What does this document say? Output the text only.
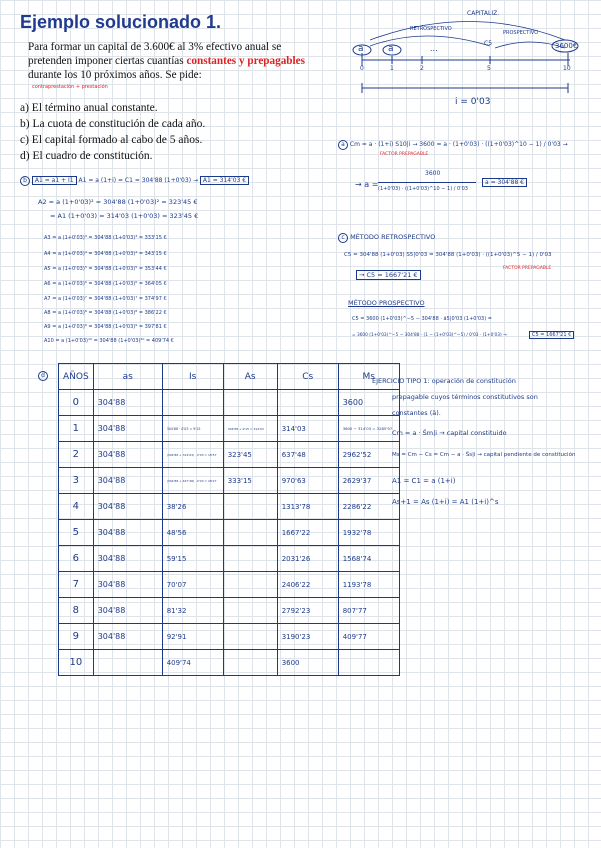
Ejemplo solucionado 1.
Para formar un capital de 3.600€ al 3% efectivo anual se pretenden imponer ciertas cuantías constantes y prepagables durante los 10 próximos años. Se pide:
contraprestación + prestación
a) El término anual constante.
b) La cuota de constitución de cada año.
c) El capital formado al cabo de 5 años.
d) El cuadro de constitución.
CAPITALIZ.
RETROSPECTIVO
PROSPECTIVO
a	a	...
C5	3600€
0	1	2	5	10
i = 0'03
a Cm = a · (1+i) S10|i → 3600 = a · (1+0'03) · ((1+0'03)^10 − 1) / 0'03 →
FACTOR PREPAGABLE
→ a =
3600
(1+0'03) · ((1+0'03)^10 − 1) / 0'03
a = 304'88 €
b A1 = a1 + I1 A1 = a (1+i) = C1 = 304'88 (1+0'03) → A1 = 314'03 €
A2 = a (1+0'03)² = 304'88 (1+0'03)² = 323'45 €
= A1 (1+0'03) = 314'03 (1+0'03) = 323'45 €
A3 = a (1+0'03)³ = 304'88 (1+0'03)³ = 333'15 €
A4 = a (1+0'03)⁴ = 304'88 (1+0'03)⁴ = 343'15 €
A5 = a (1+0'03)⁵ = 304'88 (1+0'03)⁵ = 353'44 €
A6 = a (1+0'03)⁶ = 304'88 (1+0'03)⁶ = 364'05 €
A7 = a (1+0'03)⁷ = 304'88 (1+0'03)⁷ = 374'97 €
A8 = a (1+0'03)⁸ = 304'88 (1+0'03)⁸ = 386'22 €
A9 = a (1+0'03)⁹ = 304'88 (1+0'03)⁹ = 397'81 €
A10 = a (1+0'03)¹⁰ = 304'88 (1+0'03)¹⁰ = 409'74 €
c MÉTODO RETROSPECTIVO
C5 = 304'88 (1+0'03) S5|0'03 = 304'88 (1+0'03) · ((1+0'03)^5 − 1) / 0'03
FACTOR PREPAGABLE
→ C5 = 1667'21 €
MÉTODO PROSPECTIVO
C5 = 3600 (1+0'03)^−5 − 304'88 · ä5|0'03 (1+0'03) =
= 3600 (1+0'03)^−5 − 304'88 · (1 − (1+0'03)^−5) / 0'03 · (1+0'03) →	C5 = 1667'21 €
d	AÑOS	as	Is	As	Cs	Ms
0	304'88				3600
1	304'88	304'88 · 0'03 = 9'15	304'88 + 9'15 = 314'03	314'03	3600 − 314'03 = 3285'97
2	304'88	(304'88 + 314'03) · 0'03 = 18'57	323'45	637'48	2962'52
3	304'88	(304'88 + 637'48) · 0'03 = 28'27	333'15	970'63	2629'37
4	304'88	38'26		1313'78	2286'22
5	304'88	48'56		1667'22	1932'78
6	304'88	59'15		2031'26	1568'74
7	304'88	70'07		2406'22	1193'78
8	304'88	81'32		2792'23	807'77
9	304'88	92'91		3190'23	409'77
10		409'74		3600	
EJERCICIO TIPO 1: operación de constitución
prepagable cuyos términos constitutivos son
constantes (ä).
Cm = a · S̈m|i → capital constituido
Ms = Cm − Cs = Cm − a · S̈s|i → capital pendiente de constitución
A1 = C1 = a (1+i)
As+1 = As (1+i) = A1 (1+i)^s
